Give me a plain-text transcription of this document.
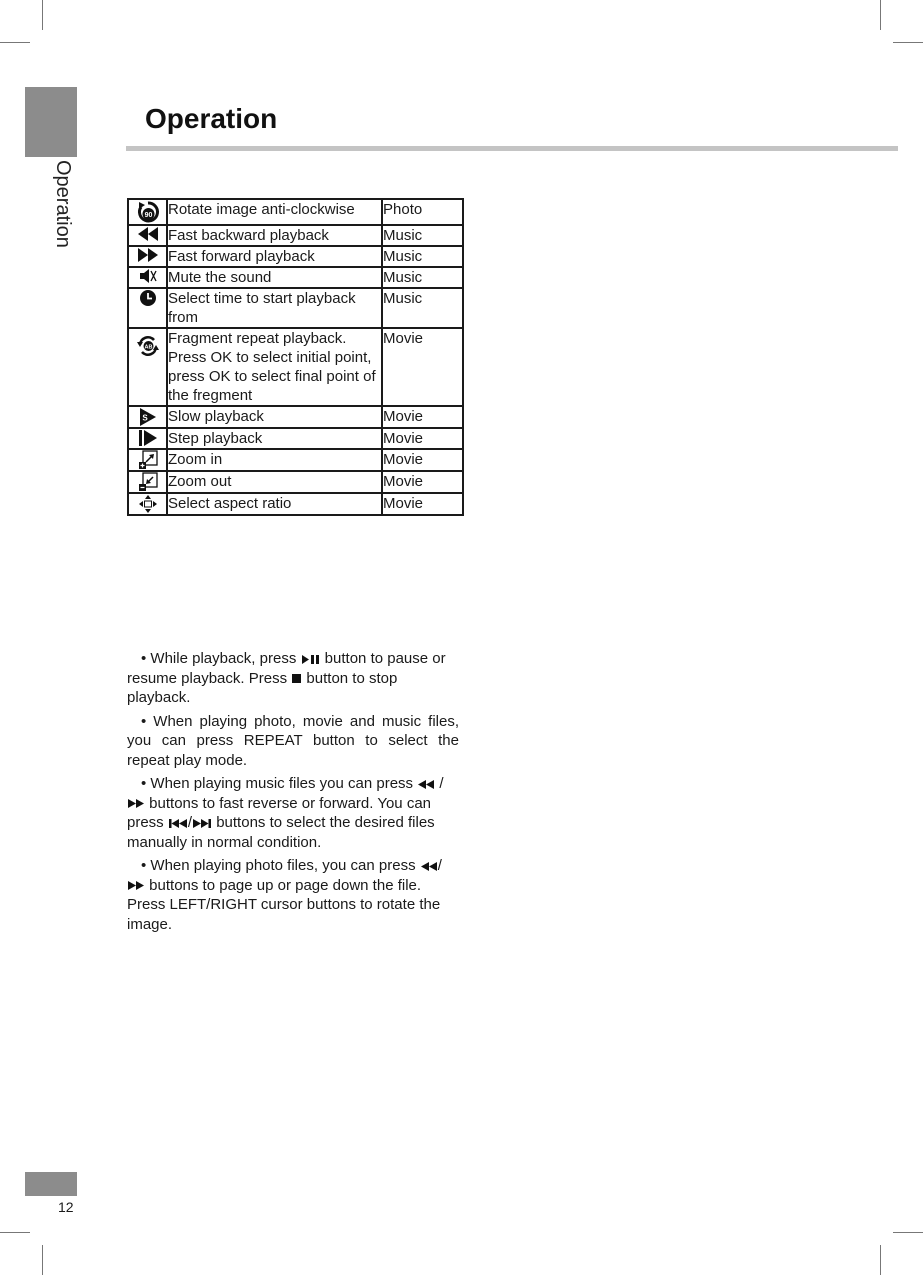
Operation
Operation
90	Rotate image anti-clockwise	Photo

	Fast backward playback	Music

	Fast forward playback	Music

	Mute the sound	Music

	Select time to start playback from	Music

AB	Fragment repeat playback. Press OK to select initial point, press OK to select final point of the fregment	Movie

S	Slow playback	Movie

	Step playback	Movie

	Zoom in	Movie

	Zoom out	Movie

	Select aspect ratio	Movie

• While playback, press button to pause or resume playback. Press button to stop playback.

• When playing photo, movie and music files, you can press REPEAT button to select the repeat play mode.

• When playing music files you can press / buttons to fast reverse or forward. You can press / buttons to select the desired files manually in normal condition.

• When playing photo files, you can press / buttons to page up or page down the file. Press LEFT/RIGHT cursor buttons to rotate the image.

12
